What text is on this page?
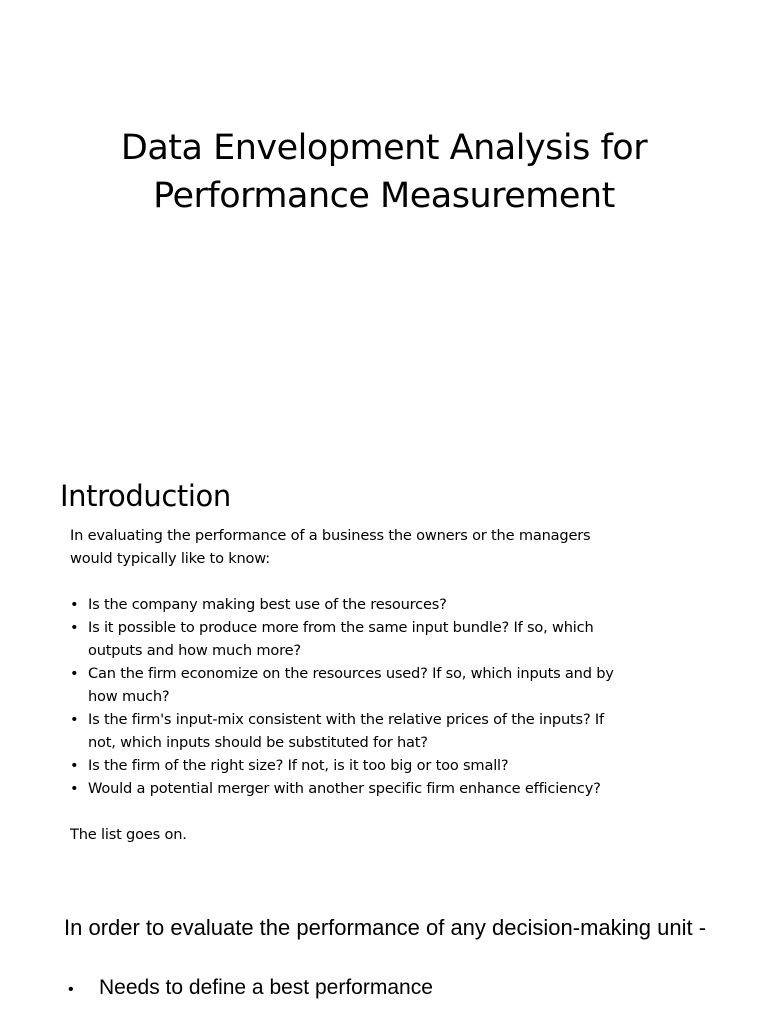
Data Envelopment Analysis for
Performance Measurement
Introduction

In evaluating the performance of a business the owners or the managers

would typically like to know:

• Is the company making best use of the resources?
• Is it possible to produce more from the same input bundle? If so, which
outputs and how much more?
• Can the firm economize on the resources used? If so, which inputs and by
how much?
• Is the firm's input-mix consistent with the relative prices of the inputs? If
not, which inputs should be substituted for hat?
• Is the firm of the right size? If not, is it too big or too small?
• Would a potential merger with another specific firm enhance efficiency?

The list goes on.

In order to evaluate the performance of any decision-making unit -
• Needs to define a best performance
